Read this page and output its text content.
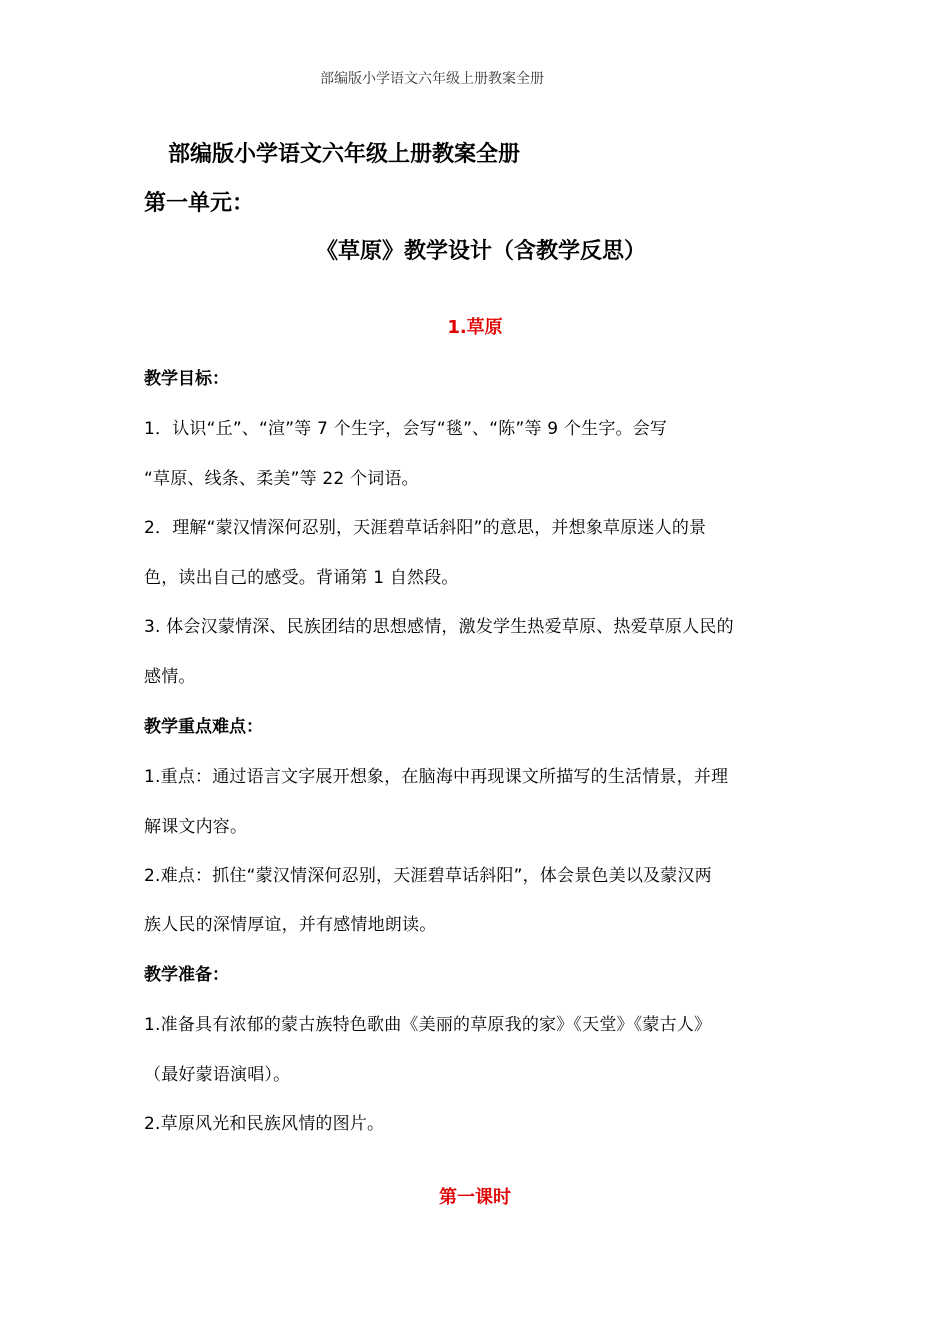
部编版小学语文六年级上册教案全册
部编版小学语文六年级上册教案全册
第一单元：
《草原》教学设计（含教学反思）
1.草原
教学目标：
1．认识“丘”、“渲”等 7 个生字，会写“毯”、“陈”等 9 个生字。会写
“草原、线条、柔美”等 22 个词语。
2．理解“蒙汉情深何忍别，天涯碧草话斜阳”的意思，并想象草原迷人的景
色，读出自己的感受。背诵第 1 自然段。
3. 体会汉蒙情深、民族团结的思想感情，激发学生热爱草原、热爱草原人民的
感情。
教学重点难点：
1.重点：通过语言文字展开想象，在脑海中再现课文所描写的生活情景，并理
解课文内容。
2.难点：抓住“蒙汉情深何忍别，天涯碧草话斜阳”，体会景色美以及蒙汉两
族人民的深情厚谊，并有感情地朗读。
教学准备：
1.准备具有浓郁的蒙古族特色歌曲《美丽的草原我的家》《天堂》《蒙古人》
（最好蒙语演唱）。
2.草原风光和民族风情的图片。
第一课时
